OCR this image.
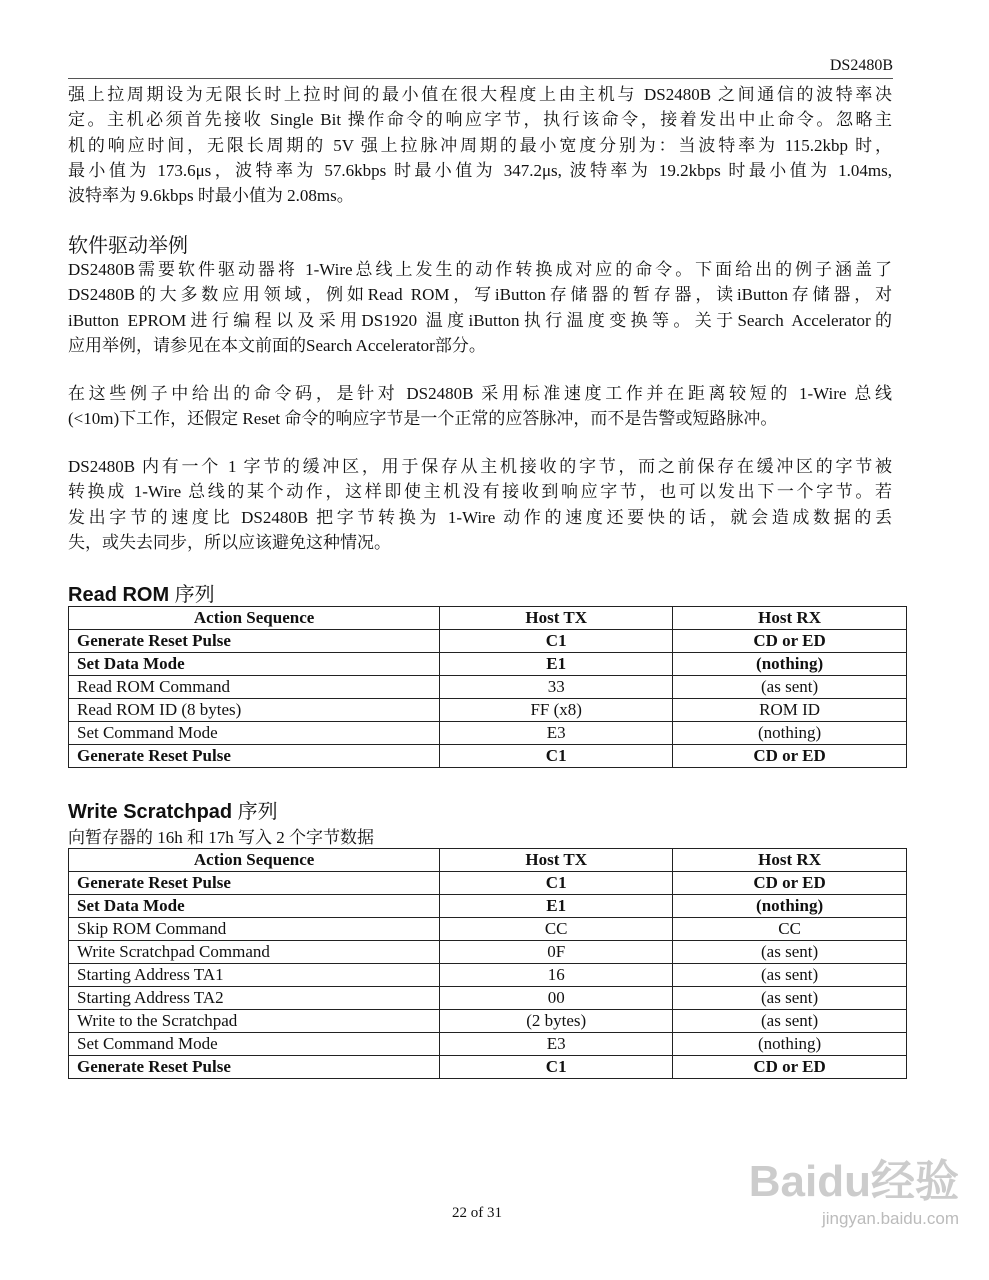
DS2480B
强上拉周期设为无限长时上拉时间的最小值在很大程度上由主机与 DS2480B 之间通信的波特率决
定。主机必须首先接收 Single Bit 操作命令的响应字节，执行该命令，接着发出中止命令。忽略主
机的响应时间，无限长周期的 5V 强上拉脉冲周期的最小宽度分别为：当波特率为 115.2kbp 时，
最小值为 173.6μs，波特率为 57.6kbps 时最小值为 347.2μs, 波特率为 19.2kbps 时最小值为 1.04ms,
波特率为 9.6kbps 时最小值为 2.08ms。
软件驱动举例
DS2480B需要软件驱动器将 1-Wire总线上发生的动作转换成对应的命令。下面给出的例子涵盖了
DS2480B的大多数应用领域，例如Read ROM，写iButton存储器的暂存器，读iButton存储器，对
iButton EPROM进行编程以及采用DS1920 温度iButton执行温度变换等。关于Search Accelerator的
应用举例，请参见在本文前面的Search Accelerator部分。
在这些例子中给出的命令码，是针对 DS2480B 采用标准速度工作并在距离较短的 1-Wire 总线
(<10m)下工作，还假定 Reset 命令的响应字节是一个正常的应答脉冲，而不是告警或短路脉冲。
DS2480B 内有一个 1 字节的缓冲区，用于保存从主机接收的字节，而之前保存在缓冲区的字节被
转换成 1-Wire 总线的某个动作，这样即使主机没有接收到响应字节，也可以发出下一个字节。若
发出字节的速度比 DS2480B 把字节转换为 1-Wire 动作的速度还要快的话，就会造成数据的丢
失，或失去同步，所以应该避免这种情况。
Read ROM 序列
Action Sequence	Host TX	Host RX
Generate Reset Pulse	C1	CD or ED
Set Data Mode	E1	(nothing)
Read ROM Command	33	(as sent)
Read ROM ID (8 bytes)	FF (x8)	ROM ID
Set Command Mode	E3	(nothing)
Generate Reset Pulse	C1	CD or ED
Write Scratchpad 序列
向暂存器的 16h 和 17h 写入 2 个字节数据
Action Sequence	Host TX	Host RX
Generate Reset Pulse	C1	CD or ED
Set Data Mode	E1	(nothing)
Skip ROM Command	CC	CC
Write Scratchpad Command	0F	(as sent)
Starting Address TA1	16	(as sent)
Starting Address TA2	00	(as sent)
Write to the Scratchpad	(2 bytes)	(as sent)
Set Command Mode	E3	(nothing)
Generate Reset Pulse	C1	CD or ED
22 of 31
Baidu经验
jingyan.baidu.com
